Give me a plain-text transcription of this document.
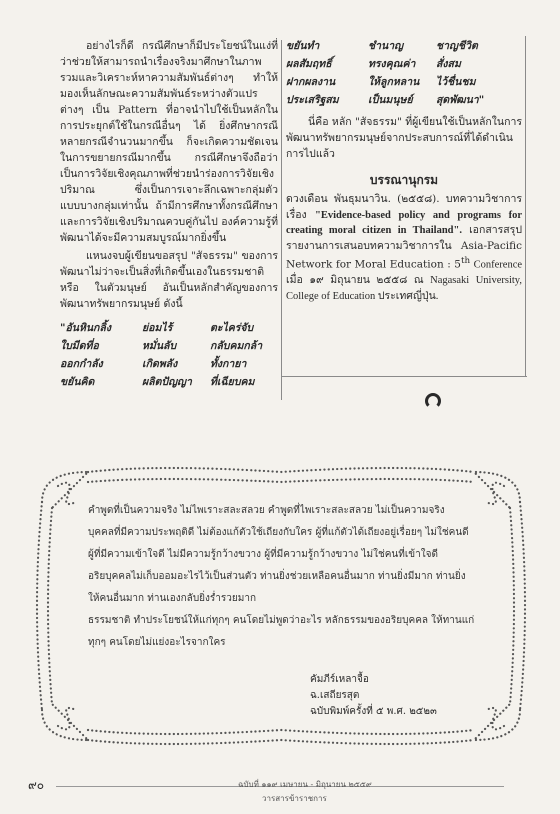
อย่างไรก็ดี กรณีศึกษาก็มีประโยชน์ในแง่ที่ว่าช่วยให้สามารถนำเรื่องจริงมาศึกษาในภาพรวมและวิเคราะห์หาความสัมพันธ์ต่างๆ ทำให้มองเห็นลักษณะความสัมพันธ์ระหว่างตัวแปรต่างๆ เป็น Pattern ที่อาจนำไปใช้เป็นหลักในการประยุกต์ใช้ในกรณีอื่นๆ ได้ ยิ่งศึกษากรณีหลายกรณีจำนวนมากขึ้น ก็จะเกิดความชัดเจนในการขยายกรณีมากขึ้น กรณีศึกษาจึงถือว่าเป็นการวิจัยเชิงคุณภาพที่ช่วยนำร่องการวิจัยเชิงปริมาณ ซึ่งเป็นการเจาะลึกเฉพาะกลุ่มตัวแบบบางกลุ่มเท่านั้น ถ้ามีการศึกษาทั้งกรณีศึกษาและการวิจัยเชิงปริมาณควบคู่กันไป องค์ความรู้ที่พัฒนาได้จะมีความสมบูรณ์มากยิ่งขึ้น

แหนงจบผู้เขียนขอสรุป "สัจธรรม" ของการพัฒนาไม่ว่าจะเป็นสิ่งที่เกิดขึ้นเองในธรรมชาติ หรือ ในตัวมนุษย์ อันเป็นหลักสำคัญของการพัฒนาทรัพยากรมนุษย์ ดังนี้

"อันหินกลิ้ง	ย่อมไร้	ตะไคร่จับ
ใบมีดที่อ	หมั่นลับ	กลับคมกล้า
ออกกำลัง	เกิดพลัง	ทั้งกายา
ขยันคิด	ผลิตปัญญา	ที่เฉียบคม
ขยันทำ	ชำนาญ	ชาญชีวิต
ผลสัมฤทธิ์	ทรงคุณค่า	สั่งสม
ฝากผลงาน	ให้ลูกหลาน	ไว้ชื่นชม
ประเสริฐสม	เป็นมนุษย์	สุดพัฒนา"

นี่คือ หลัก "สัจธรรม" ที่ผู้เขียนใช้เป็นหลักในการพัฒนาทรัพยากรมนุษย์จากประสบการณ์ที่ได้ดำเนินการไปแล้ว

บรรณานุกรม

ดวงเดือน พันธุมนาวิน. (๒๕๕๘). บทความวิชาการเรื่อง "Evidence-based policy and programs for creating moral citizen in Thailand". เอกสารสรุปรายงานการเสนอบทความวิชาการใน Asia-Pacific Network for Moral Education : 5th Conference เมื่อ ๑๙ มิถุนายน ๒๕๕๘ ณ Nagasaki University, College of Education ประเทศญี่ปุ่น.

คำพูดที่เป็นความจริง ไม่ไพเราะสละสลวย คำพูดที่ไพเราะสละสลวย ไม่เป็นความจริง

บุคคลที่มีความประพฤติดี ไม่ต้องแก้ตัวใช้เถียงกับใคร ผู้ที่แก้ตัวได้เถียงอยู่เรื่อยๆ ไม่ใช่คนดี

ผู้ที่มีความเข้าใจดี ไม่มีความรู้กว้างขวาง ผู้ที่มีความรู้กว้างขวาง ไม่ใช่คนที่เข้าใจดี

อริยบุคคลไม่เก็บออมอะไรไว้เป็นส่วนตัว ท่านยิ่งช่วยเหลือคนอื่นมาก ท่านยิ่งมีมาก ท่านยิ่ง

ให้คนอื่นมาก ท่านเองกลับยิ่งร่ำรวยมาก

ธรรมชาติ ทำประโยชน์ให้แก่ทุกๆ คนโดยไม่พูดว่าอะไร หลักธรรมของอริยบุคคล ให้ทานแก่

ทุกๆ คนโดยไม่แย่งอะไรจากใคร

คัมภีร์เหลาจื้อ
ฉ.เสถียรสุต
ฉบับพิมพ์ครั้งที่ ๕ พ.ศ. ๒๕๒๓
๙๐	ฉบับที่ ๑๑๙ เมษายน - มิถุนายน ๒๕๕๙
วารสารข้าราชการ
